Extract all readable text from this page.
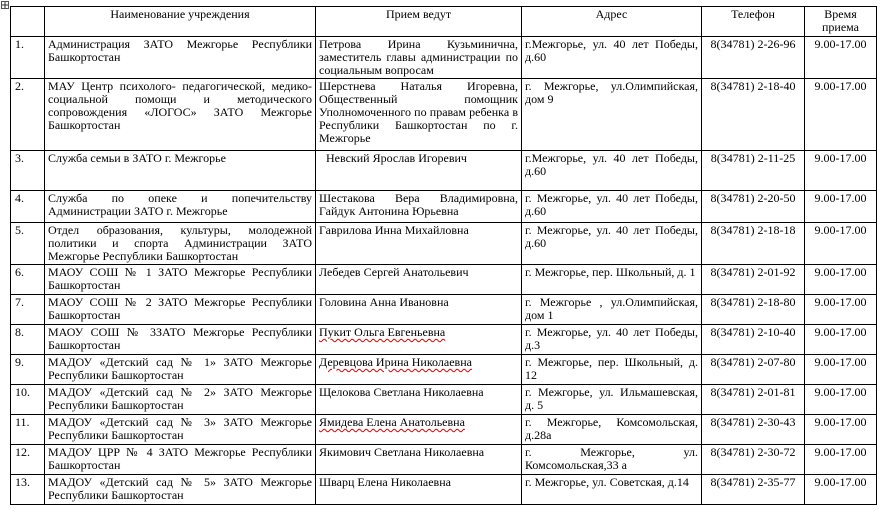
	Наименование учреждения	Прием ведут	Адрес	Телефон	Время приема
1.	Администрация ЗАТО Межгорье Республики Башкортостан	Петрова Ирина Кузьминична, заместитель главы администрации по социальным вопросам	г.Межгорье, ул. 40 лет Победы, д.60	8(34781) 2-26-96	9.00-17.00
2.	МАУ Центр психолого- педагогической, медико-социальной помощи и методического сопровождения «ЛОГОС» ЗАТО Межгорье Башкортостан	Шерстнева Наталья Игоревна, Общественный помощник Уполномоченного по правам ребенка в Республики Башкортостан по г. Межгорье	г. Межгорье, ул.Олимпийская, дом 9	8(34781) 2-18-40	9.00-17.00
3.	Служба семьи в ЗАТО г. Межгорье	Невский Ярослав Игоревич	г.Межгорье, ул. 40 лет Победы, д.60	8(34781) 2-11-25	9.00-17.00
4.	Служба по опеке и попечительству Администрации ЗАТО г. Межгорье	Шестакова Вера Владимировна, Гайдук Антонина Юрьевна	г. Межгорье, ул. 40 лет Победы, д.60	8(34781) 2-20-50	9.00-17.00
5.	Отдел образования, культуры, молодежной политики и спорта Администрации ЗАТО Межгорье Республики Башкортостан	Гаврилова Инна Михайловна	г. Межгорье, ул. 40 лет Победы, д.60	8(34781) 2-18-18	9.00-17.00
6.	МАОУ СОШ № 1 ЗАТО Межгорье Республики Башкортостан	Лебедев Сергей Анатольевич	г. Межгорье, пер. Школьный, д. 1	8(34781) 2-01-92	9.00-17.00
7.	МАОУ СОШ № 2 ЗАТО Межгорье Республики Башкортостан	Головина Анна Ивановна	г. Межгорье , ул.Олимпийская, дом 1	8(34781) 2-18-80	9.00-17.00
8.	МАОУ СОШ № 3ЗАТО Межгорье Республики Башкортостан	Пукит Ольга Евгеньевна	г. Межгорье, ул. 40 лет Победы, д.3	8(34781) 2-10-40	9.00-17.00
9.	МАДОУ «Детский сад № 1» ЗАТО Межгорье Республики Башкортостан	Деревцова Ирина Николаевна	г. Межгорье, пер. Школьный, д. 12	8(34781) 2-07-80	9.00-17.00
10.	МАДОУ «Детский сад № 2» ЗАТО Межгорье Республики Башкортостан	Щелокова Светлана Николаевна	г. Межгорье, ул. Ильмашевская, д. 5	8(34781) 2-01-81	9.00-17.00
11.	МАДОУ «Детский сад № 3» ЗАТО Межгорье Республики Башкортостан	Ямидева Елена Анатольевна	г. Межгорье, Комсомольская, д.28а	8(34781) 2-30-43	9.00-17.00
12.	МАДОУ ЦРР № 4 ЗАТО Межгорье Республики Башкортостан	Якимович Светлана Николаевна	г. Межгорье, ул. Комсомольская,33 а	8(34781) 2-30-72	9.00-17.00
13.	МАДОУ «Детский сад № 5» ЗАТО Межгорье Республики Башкортостан	Шварц Елена Николаевна	г. Межгорье, ул. Советская, д.14	8(34781) 2-35-77	9.00-17.00
